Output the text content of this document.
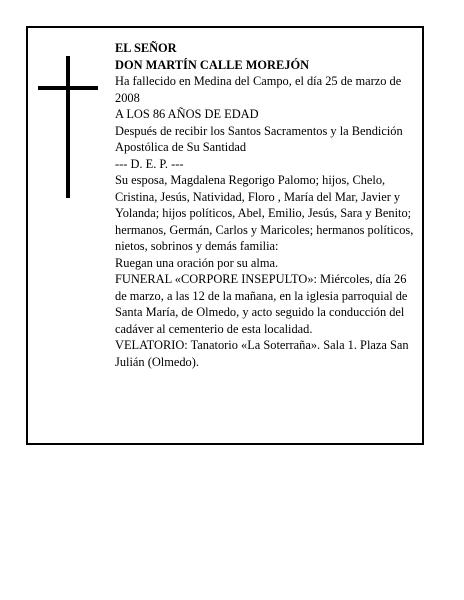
EL SEÑOR

DON MARTÍN CALLE MOREJÓN

Ha fallecido en Medina del Campo, el día 25 de marzo de 2008

A LOS 86 AÑOS DE EDAD

Después de recibir los Santos Sacramentos y la Bendición Apostólica de Su Santidad

--- D. E. P. ---

Su esposa, Magdalena Regorigo Palomo; hijos, Chelo, Cristina, Jesús, Natividad, Floro , María del Mar, Javier y Yolanda; hijos políticos, Abel, Emilio, Jesús, Sara y Benito; hermanos, Germán, Carlos y Maricoles; hermanos políticos, nietos, sobrinos y demás familia:

Ruegan una oración por su alma.

FUNERAL «CORPORE INSEPULTO»: Miércoles, día 26 de marzo, a las 12 de la mañana, en la iglesia parroquial de Santa María, de Olmedo, y acto seguido la conducción del cadáver al cementerio de esta localidad.

VELATORIO: Tanatorio «La Soterraña». Sala 1. Plaza San Julián (Olmedo).
